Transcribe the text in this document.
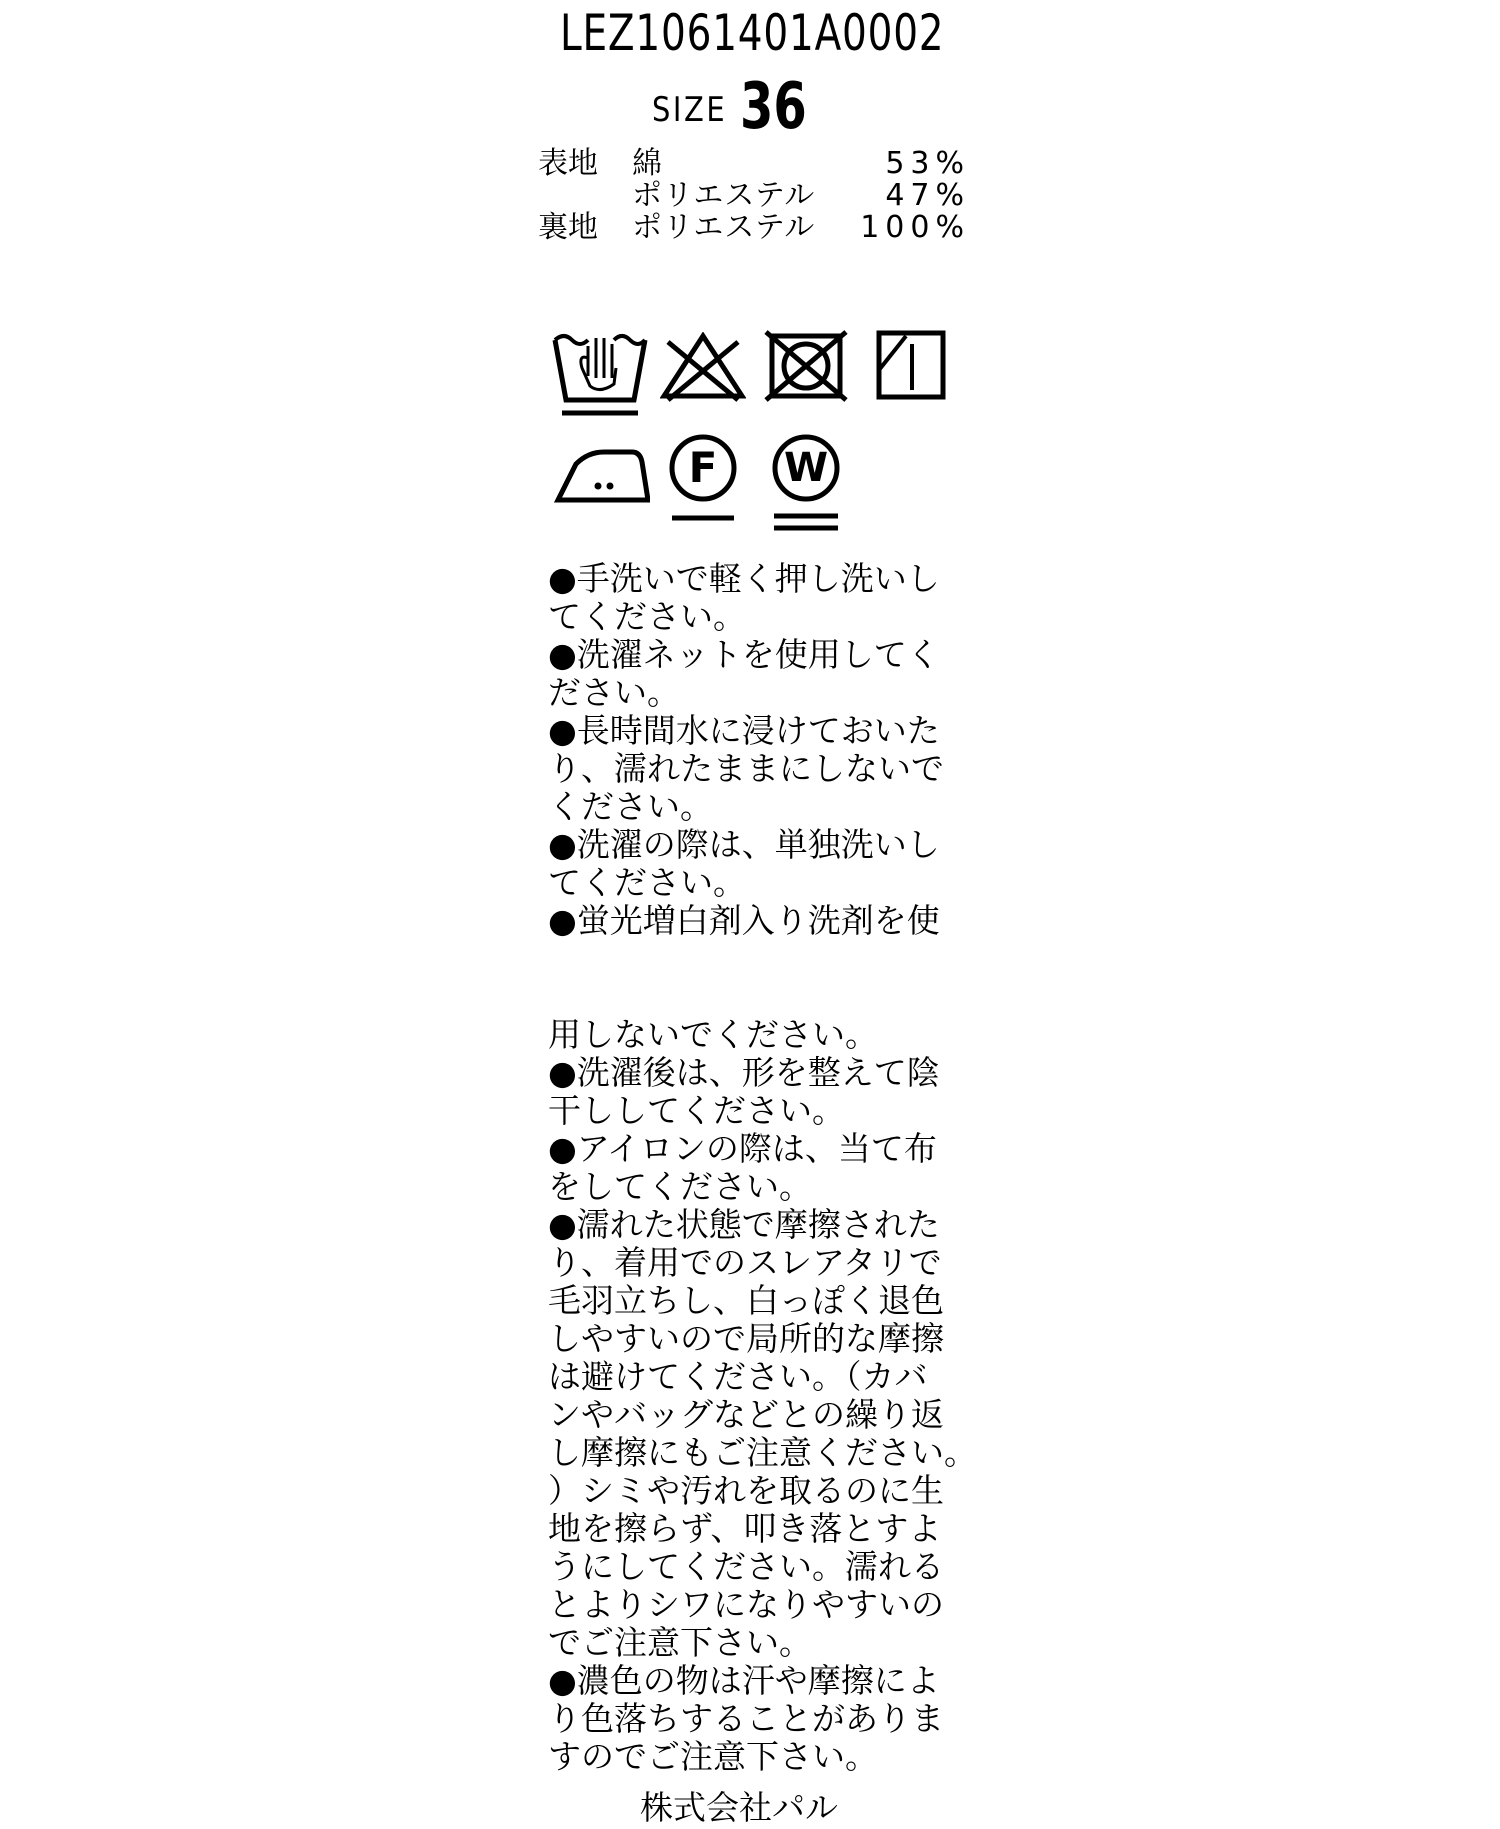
LEZ1061401A0002
SIZE 36
表地 綿	53%
ポリエステル 47%
裏地 ポリエステル 100%
F	W
●手洗いで軽く押し洗いし
てください。
●洗濯ネットを使用してく
ださい。
●長時間水に浸けておいた
り、濡れたままにしないで
ください。
●洗濯の際は、単独洗いし
てください。
●蛍光増白剤入り洗剤を使
用しないでください。
●洗濯後は、形を整えて陰
干ししてください。
●アイロンの際は、当て布
をしてください。
●濡れた状態で摩擦された
り、着用でのスレアタリで
毛羽立ちし、白っぽく退色
しやすいので局所的な摩擦
は避けてください。（カバ
ンやバッグなどとの繰り返
し摩擦にもご注意ください。
）シミや汚れを取るのに生
地を擦らず、叩き落とすよ
うにしてください。濡れる
とよりシワになりやすいの
でご注意下さい。
●濃色の物は汗や摩擦によ
り色落ちすることがありま
すのでご注意下さい。
株式会社パル
